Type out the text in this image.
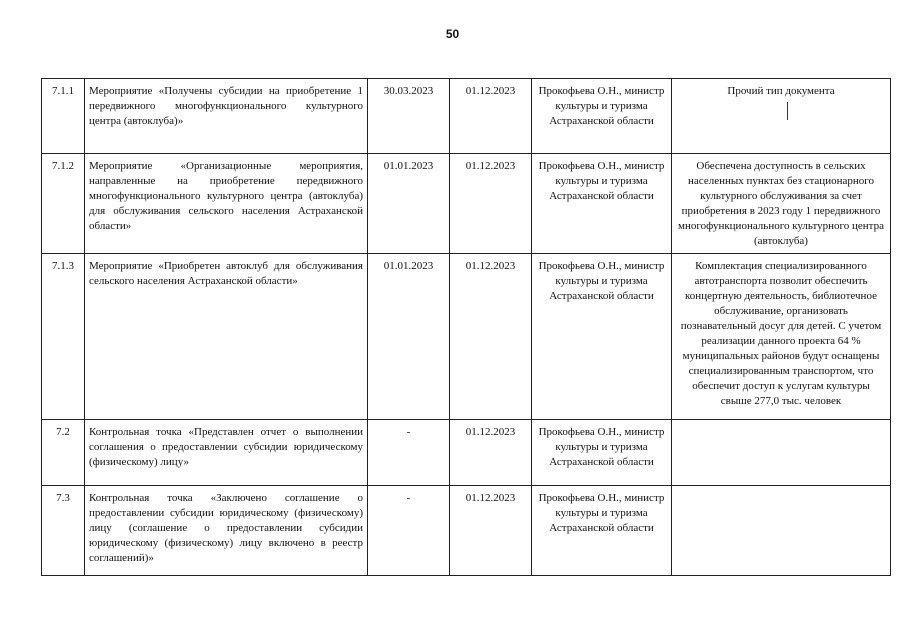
50
7.1.1	Мероприятие «Получены субсидии на приобретение 1 передвижного многофункционального культурного центра (автоклуба)»	30.03.2023	01.12.2023	Прокофьева О.Н., министр культуры и туризма Астраханской области	Прочий тип документа
7.1.2	Мероприятие «Организационные мероприятия, направленные на приобретение передвижного многофункционального культурного центра (автоклуба) для обслуживания сельского населения Астраханской области»	01.01.2023	01.12.2023	Прокофьева О.Н., министр культуры и туризма Астраханской области	Обеспечена доступность в сельских населенных пунктах без стационарного культурного обслуживания за счет приобретения в 2023 году 1 передвижного многофункционального культурного центра (автоклуба)
7.1.3	Мероприятие «Приобретен автоклуб для обслуживания сельского населения Астраханской области»	01.01.2023	01.12.2023	Прокофьева О.Н., министр культуры и туризма Астраханской области	Комплектация специализированного автотранспорта позволит обеспечить концертную деятельность, библиотечное обслуживание, организовать познавательный досуг для детей. С учетом реализации данного проекта 64 % муниципальных районов будут оснащены специализированным транспортом, что обеспечит доступ к услугам культуры свыше 277,0 тыс. человек
7.2	Контрольная точка «Представлен отчет о выполнении соглашения о предоставлении субсидии юридическому (физическому) лицу»	-	01.12.2023	Прокофьева О.Н., министр культуры и туризма Астраханской области	
7.3	Контрольная точка «Заключено соглашение о предоставлении субсидии юридическому (физическому) лицу (соглашение о предоставлении субсидии юридическому (физическому) лицу включено в реестр соглашений)»	-	01.12.2023	Прокофьева О.Н., министр культуры и туризма Астраханской области	
